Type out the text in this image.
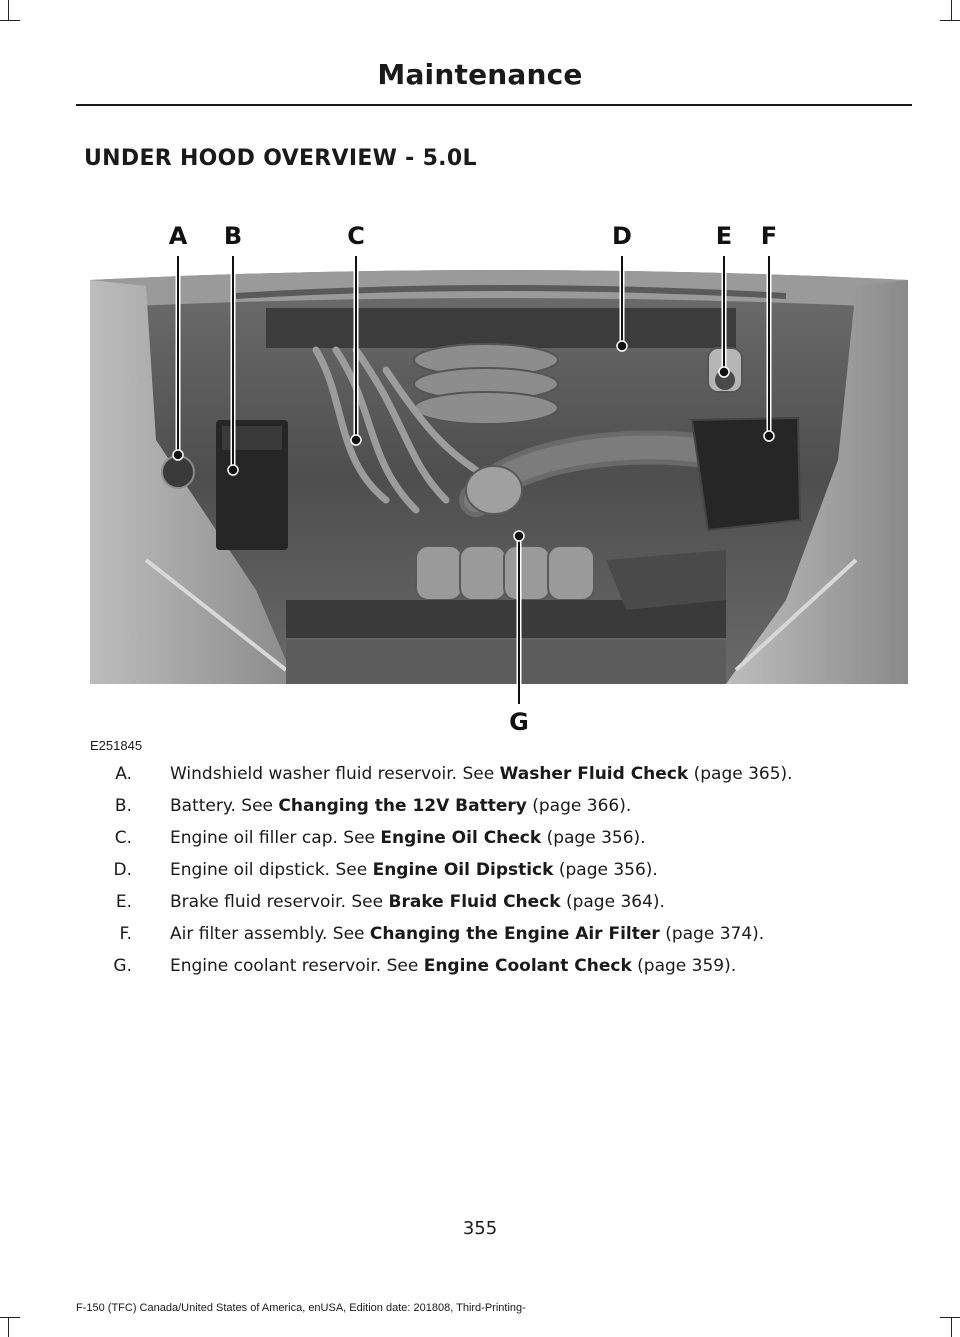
Maintenance
UNDER HOOD OVERVIEW - 5.0L
A B	C	D	E F
G
E251845
A. Windshield washer fluid reservoir. See Washer Fluid Check (page 365).
B. Battery. See Changing the 12V Battery (page 366).
C. Engine oil filler cap. See Engine Oil Check (page 356).
D. Engine oil dipstick. See Engine Oil Dipstick (page 356).
E. Brake fluid reservoir. See Brake Fluid Check (page 364).
F. Air filter assembly. See Changing the Engine Air Filter (page 374).
G. Engine coolant reservoir. See Engine Coolant Check (page 359).
355
F-150 (TFC) Canada/United States of America, enUSA, Edition date: 201808, Third-Printing-
